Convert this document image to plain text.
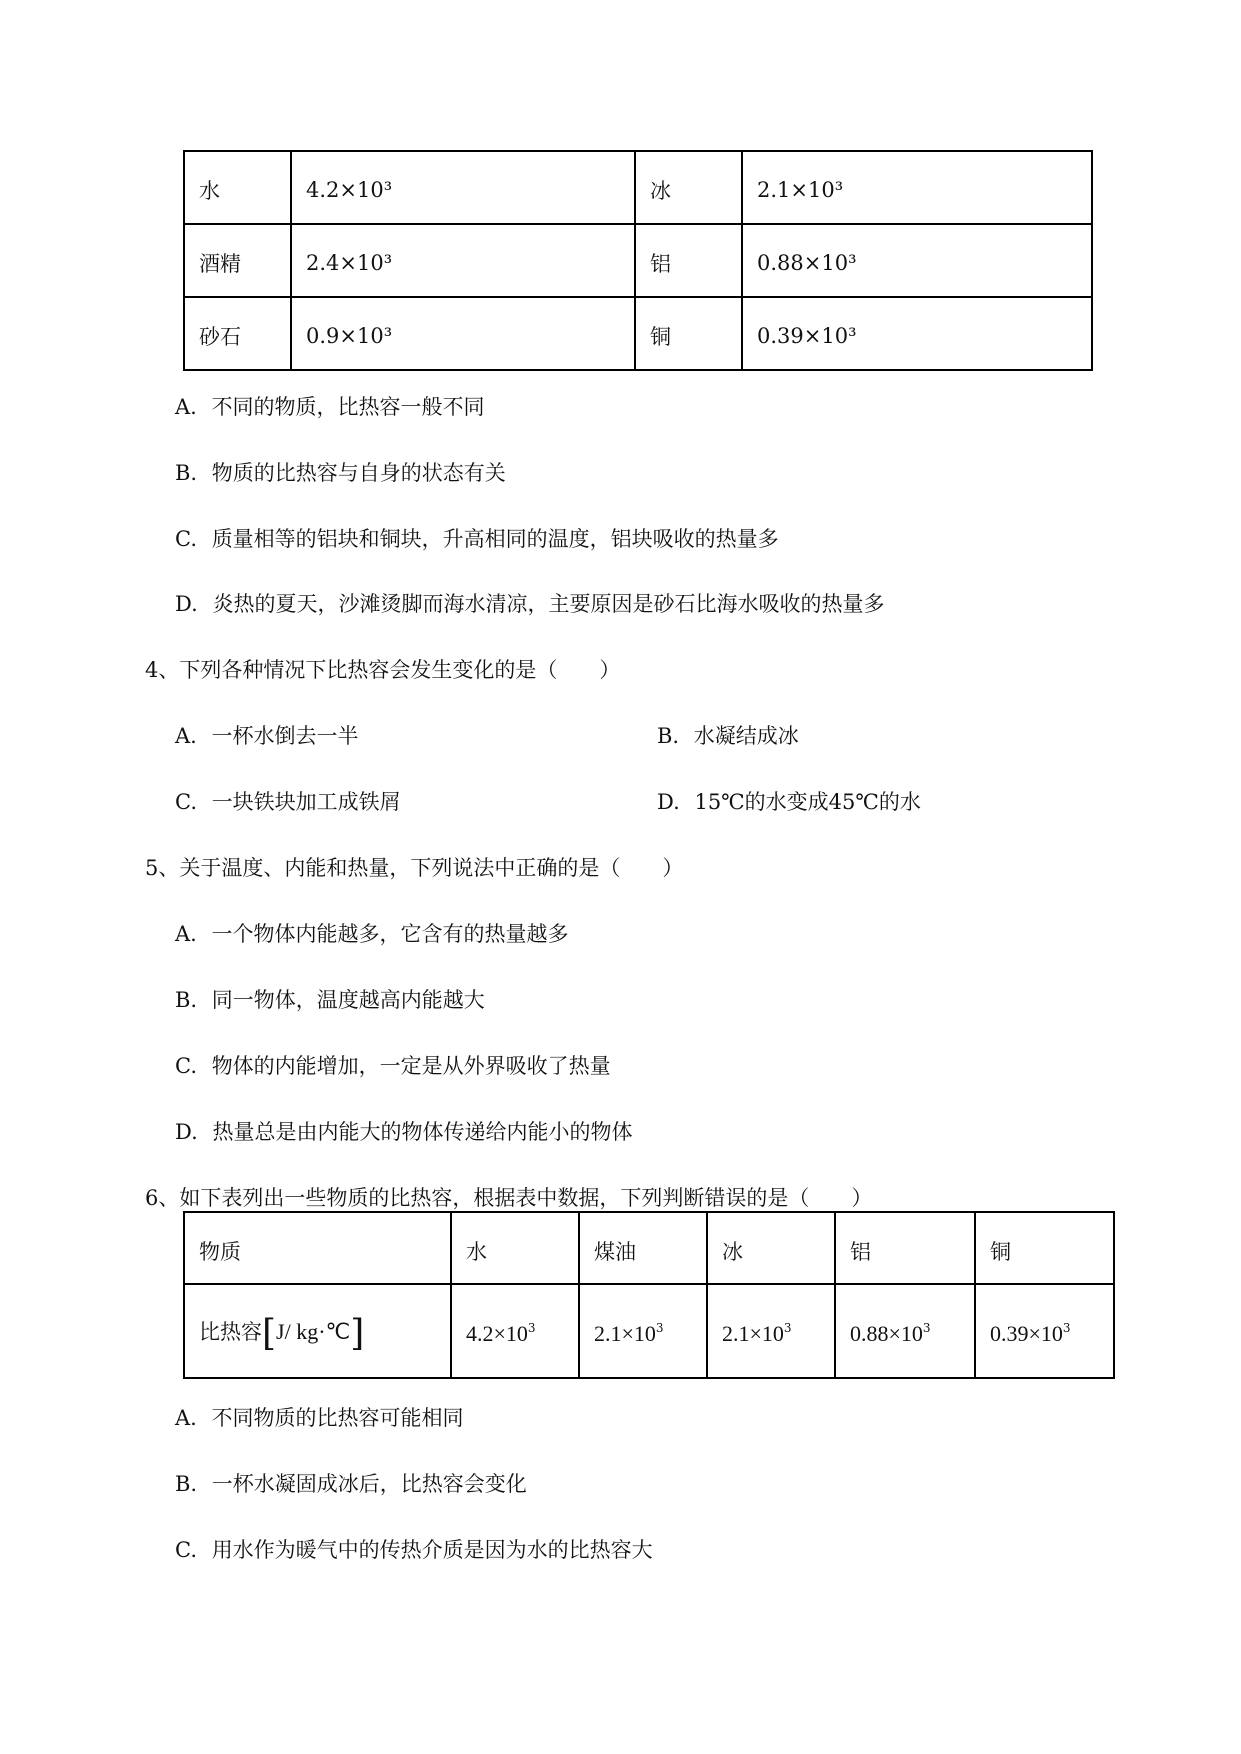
水	4.2×10³	冰	2.1×10³
酒精	2.4×10³	铝	0.88×10³
砂石	0.9×10³	铜	0.39×10³
A. 不同的物质，比热容一般不同
B. 物质的比热容与自身的状态有关
C. 质量相等的铝块和铜块，升高相同的温度，铝块吸收的热量多
D. 炎热的夏天，沙滩烫脚而海水清凉，主要原因是砂石比海水吸收的热量多
4、下列各种情况下比热容会发生变化的是（　　）
A. 一杯水倒去一半	B. 水凝结成冰
C. 一块铁块加工成铁屑	D. 15℃的水变成45℃的水
5、关于温度、内能和热量，下列说法中正确的是（　　）
A. 一个物体内能越多，它含有的热量越多
B. 同一物体，温度越高内能越大
C. 物体的内能增加，一定是从外界吸收了热量
D. 热量总是由内能大的物体传递给内能小的物体
6、如下表列出一些物质的比热容，根据表中数据，下列判断错误的是（　　）
物质	水	煤油	冰	铝	铜
比热容[J/ kg·℃]	$4.2\times 10^3$	$2.1\times 10^3$	$2.1\times 10^3$	$0.88\times 10^3$	$0.39\times 10^3$
A. 不同物质的比热容可能相同
B. 一杯水凝固成冰后，比热容会变化
C. 用水作为暖气中的传热介质是因为水的比热容大
